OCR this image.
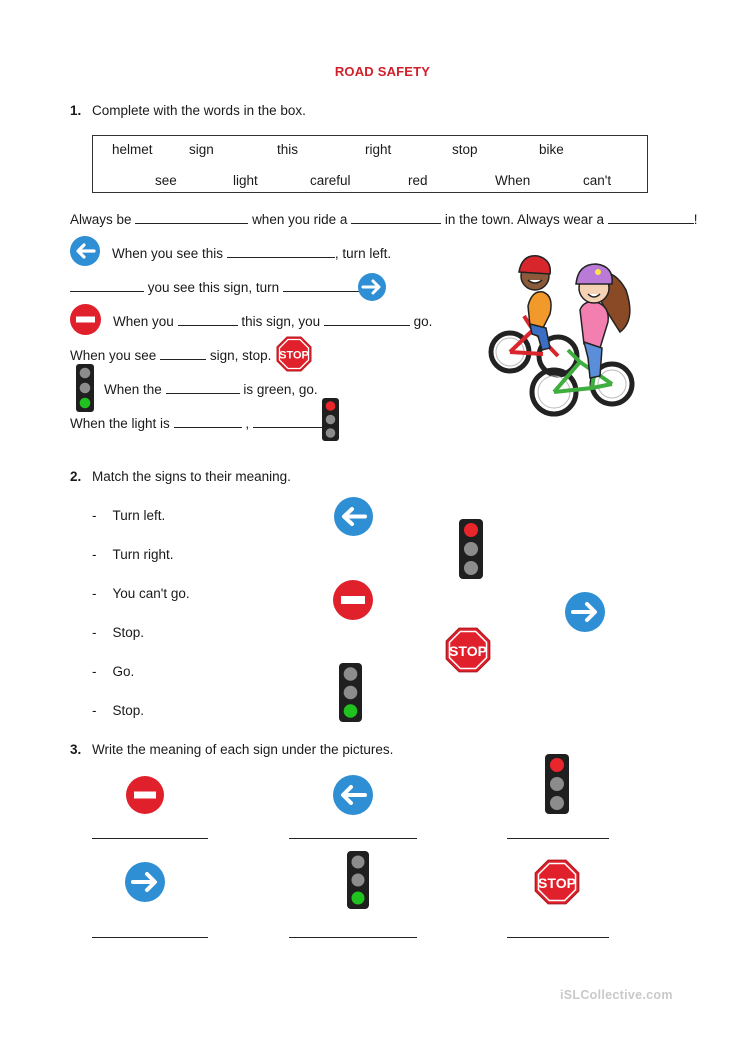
ROAD SAFETY
1. Complete with the words in the box.
helmet	sign	this	right	stop	bike
see	light	careful	red	When	can't
Always be	when you ride a	in the town. Always wear a	!
When you see this	, turn left.
you see this sign, turn
When you	this sign, you	go.
When you see	sign, stop. STOP
When the	is green, go.
When the light is	,
2. Match the signs to their meaning.
- Turn left.
- Turn right.
- You can't go.
- Stop.
- Go.
- Stop.
STOP
3. Write the meaning of each sign under the pictures.
STOP
iSLCollective.com
